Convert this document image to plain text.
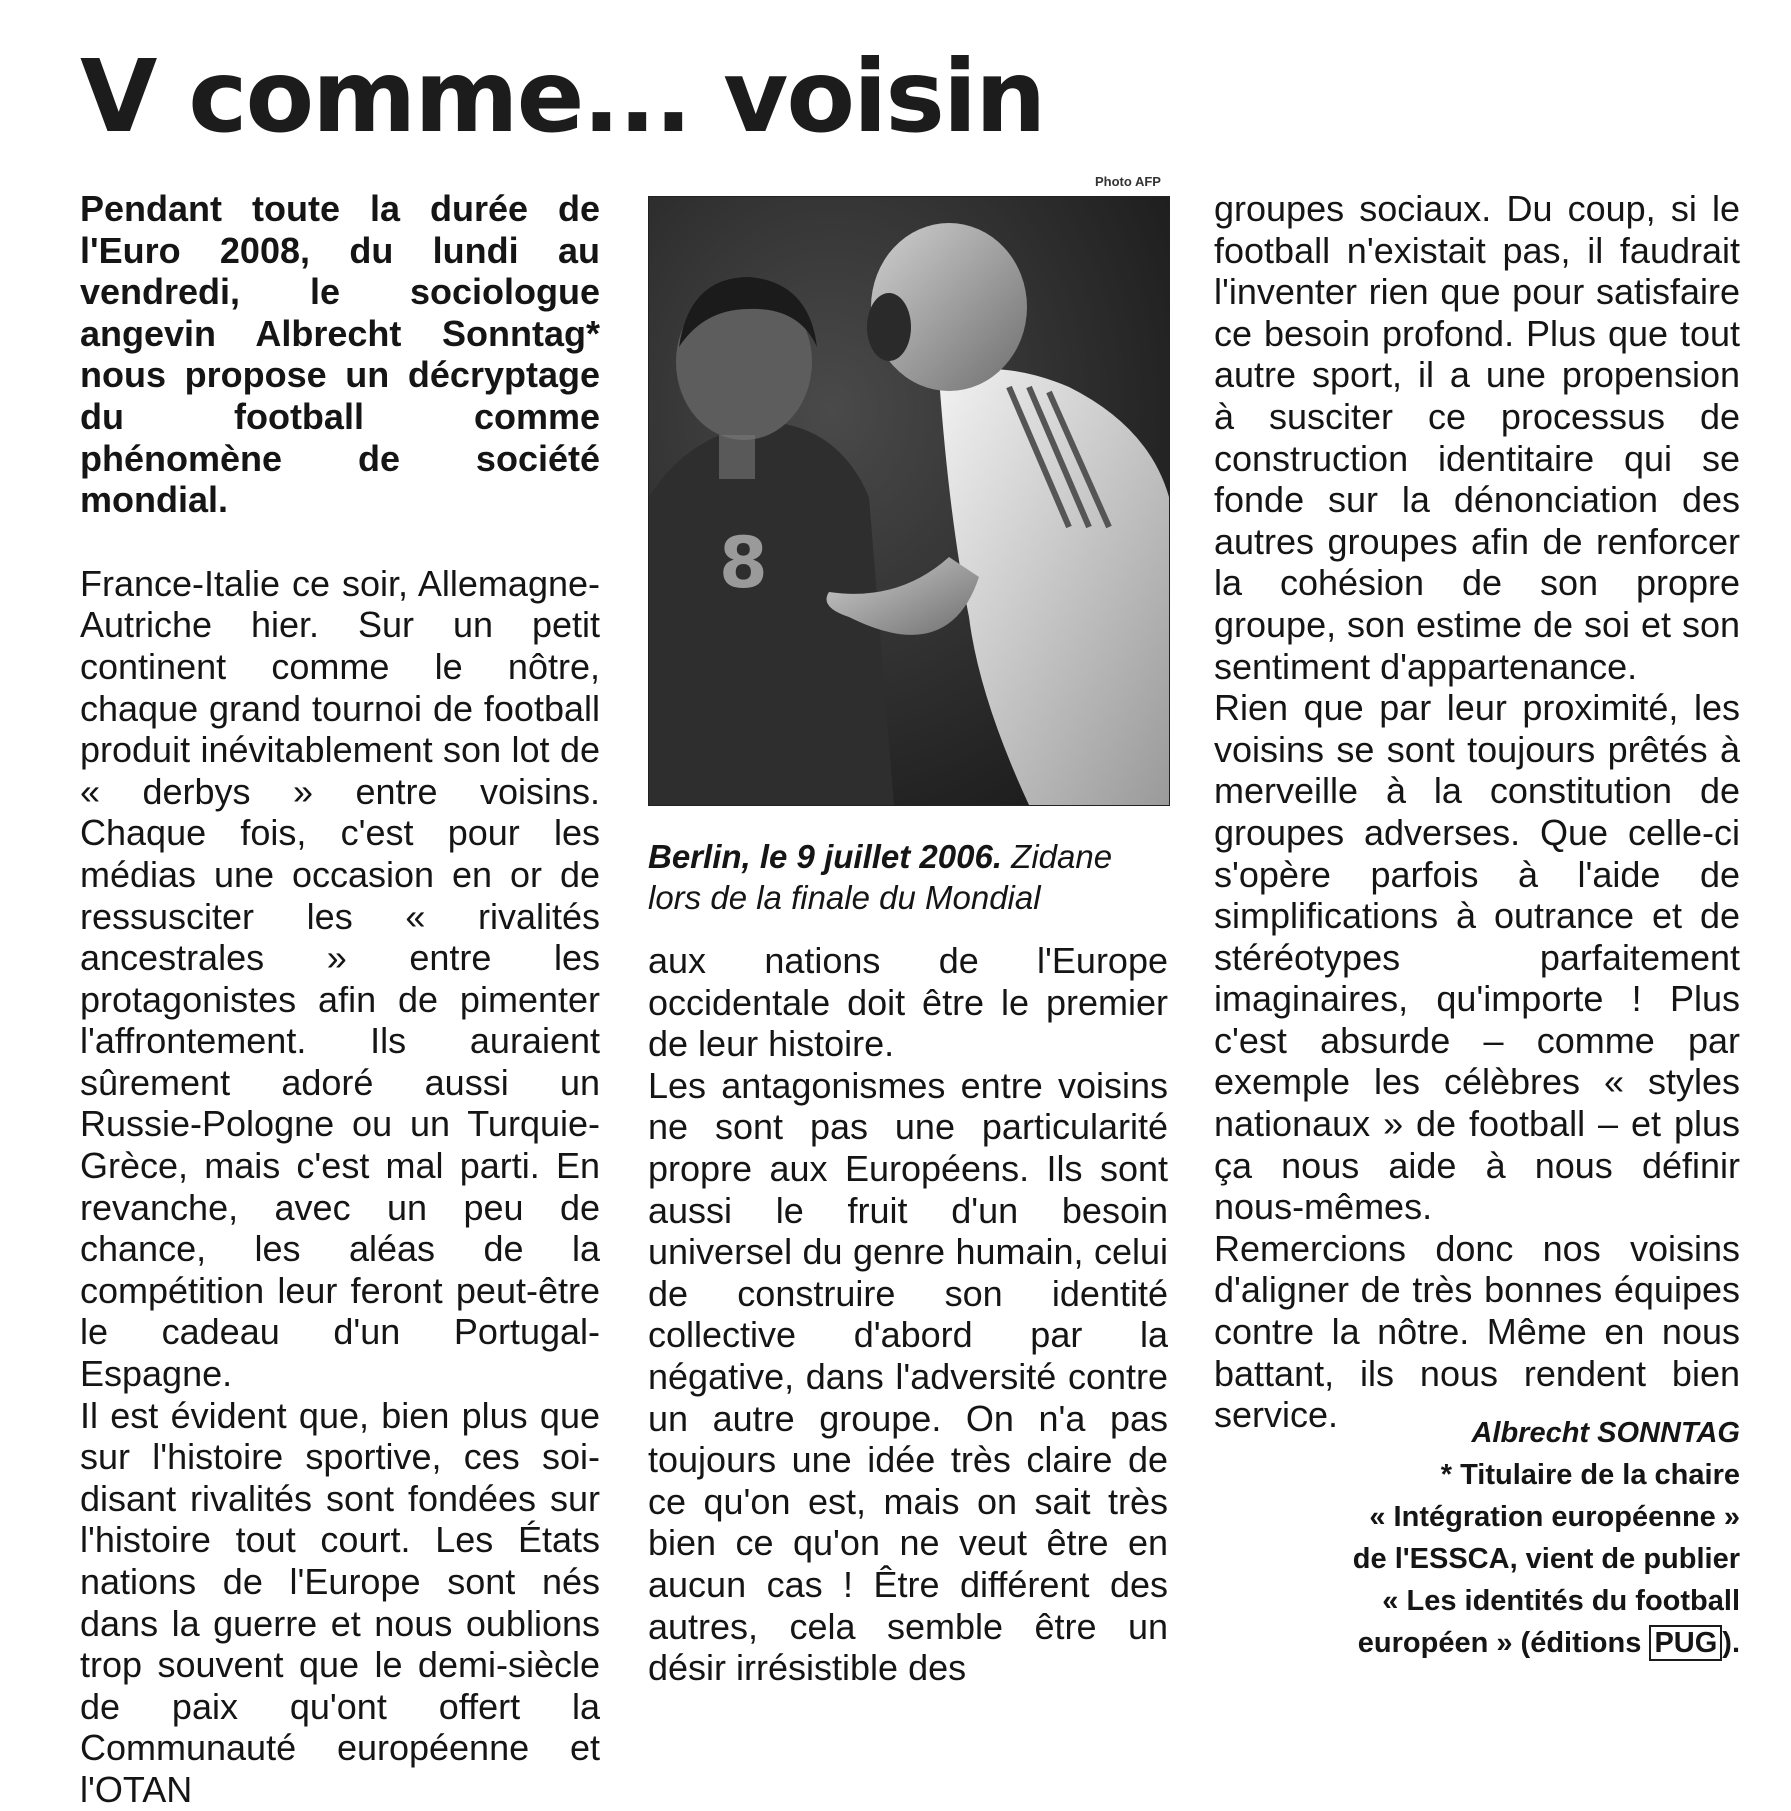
V comme... voisin

Pendant toute la durée de l'Euro 2008, du lundi au vendredi, le sociologue angevin Albrecht Sonntag* nous propose un décryptage du football comme phénomène de société mondial.

France-Italie ce soir, Allemagne-Autriche hier. Sur un petit continent comme le nôtre, chaque grand tournoi de football produit inévitablement son lot de « derbys » entre voisins. Chaque fois, c'est pour les médias une occasion en or de ressusciter les « rivalités ancestrales » entre les protagonistes afin de pimenter l'affrontement. Ils auraient sûrement adoré aussi un Russie-Pologne ou un Turquie-Grèce, mais c'est mal parti. En revanche, avec un peu de chance, les aléas de la compétition leur feront peut-être le cadeau d'un Portugal-Espagne.

Il est évident que, bien plus que sur l'histoire sportive, ces soi-disant rivalités sont fondées sur l'histoire tout court. Les États nations de l'Europe sont nés dans la guerre et nous oublions trop souvent que le demi-siècle de paix qu'ont offert la Communauté européenne et l'OTAN

Photo AFP
8
Berlin, le 9 juillet 2006. Zidane lors de la finale du Mondial

aux nations de l'Europe occidentale doit être le premier de leur histoire.

Les antagonismes entre voisins ne sont pas une particularité propre aux Européens. Ils sont aussi le fruit d'un besoin universel du genre humain, celui de construire son identité collective d'abord par la négative, dans l'adversité contre un autre groupe. On n'a pas toujours une idée très claire de ce qu'on est, mais on sait très bien ce qu'on ne veut être en aucun cas ! Être différent des autres, cela semble être un désir irrésistible des

groupes sociaux. Du coup, si le football n'existait pas, il faudrait l'inventer rien que pour satisfaire ce besoin profond. Plus que tout autre sport, il a une propension à susciter ce processus de construction identitaire qui se fonde sur la dénonciation des autres groupes afin de renforcer la cohésion de son propre groupe, son estime de soi et son sentiment d'appartenance.

Rien que par leur proximité, les voisins se sont toujours prêtés à merveille à la constitution de groupes adverses. Que celle-ci s'opère parfois à l'aide de simplifications à outrance et de stéréotypes parfaitement imaginaires, qu'importe ! Plus c'est absurde – comme par exemple les célèbres « styles nationaux » de football – et plus ça nous aide à nous définir nous-mêmes.

Remercions donc nos voisins d'aligner de très bonnes équipes contre la nôtre. Même en nous battant, ils nous rendent bien service.	Albrecht SONNTAG
* Titulaire de la chaire
« Intégration européenne »
de l'ESSCA, vient de publier
« Les identités du football
européen » (éditions PUG ).
